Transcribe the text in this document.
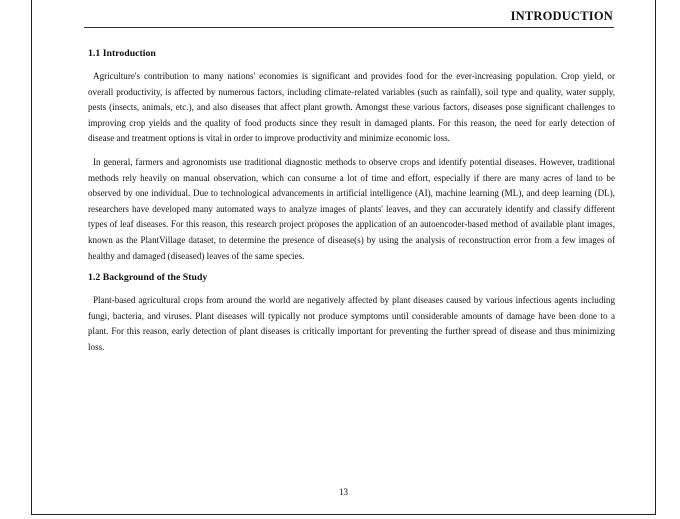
INTRODUCTION
1.1 Introduction

Agriculture's contribution to many nations' economies is significant and provides food for the ever-increasing population. Crop yield, or overall productivity, is affected by numerous factors, including climate-related variables (such as rainfall), soil type and quality, water supply, pests (insects, animals, etc.), and also diseases that affect plant growth. Amongst these various factors, diseases pose significant challenges to improving crop yields and the quality of food products since they result in damaged plants. For this reason, the need for early detection of disease and treatment options is vital in order to improve productivity and minimize economic loss.

In general, farmers and agronomists use traditional diagnostic methods to observe crops and identify potential diseases. However, traditional methods rely heavily on manual observation, which can consume a lot of time and effort, especially if there are many acres of land to be observed by one individual. Due to technological advancements in artificial intelligence (AI), machine learning (ML), and deep learning (DL), researchers have developed many automated ways to analyze images of plants' leaves, and they can accurately identify and classify different types of leaf diseases. For this reason, this research project proposes the application of an autoencoder-based method of available plant images, known as the PlantVillage dataset, to determine the presence of disease(s) by using the analysis of reconstruction error from a few images of healthy and damaged (diseased) leaves of the same species.

1.2 Background of the Study

Plant-based agricultural crops from around the world are negatively affected by plant diseases caused by various infectious agents including fungi, bacteria, and viruses. Plant diseases will typically not produce symptoms until considerable amounts of damage have been done to a plant. For this reason, early detection of plant diseases is critically important for preventing the further spread of disease and thus minimizing loss.

13
